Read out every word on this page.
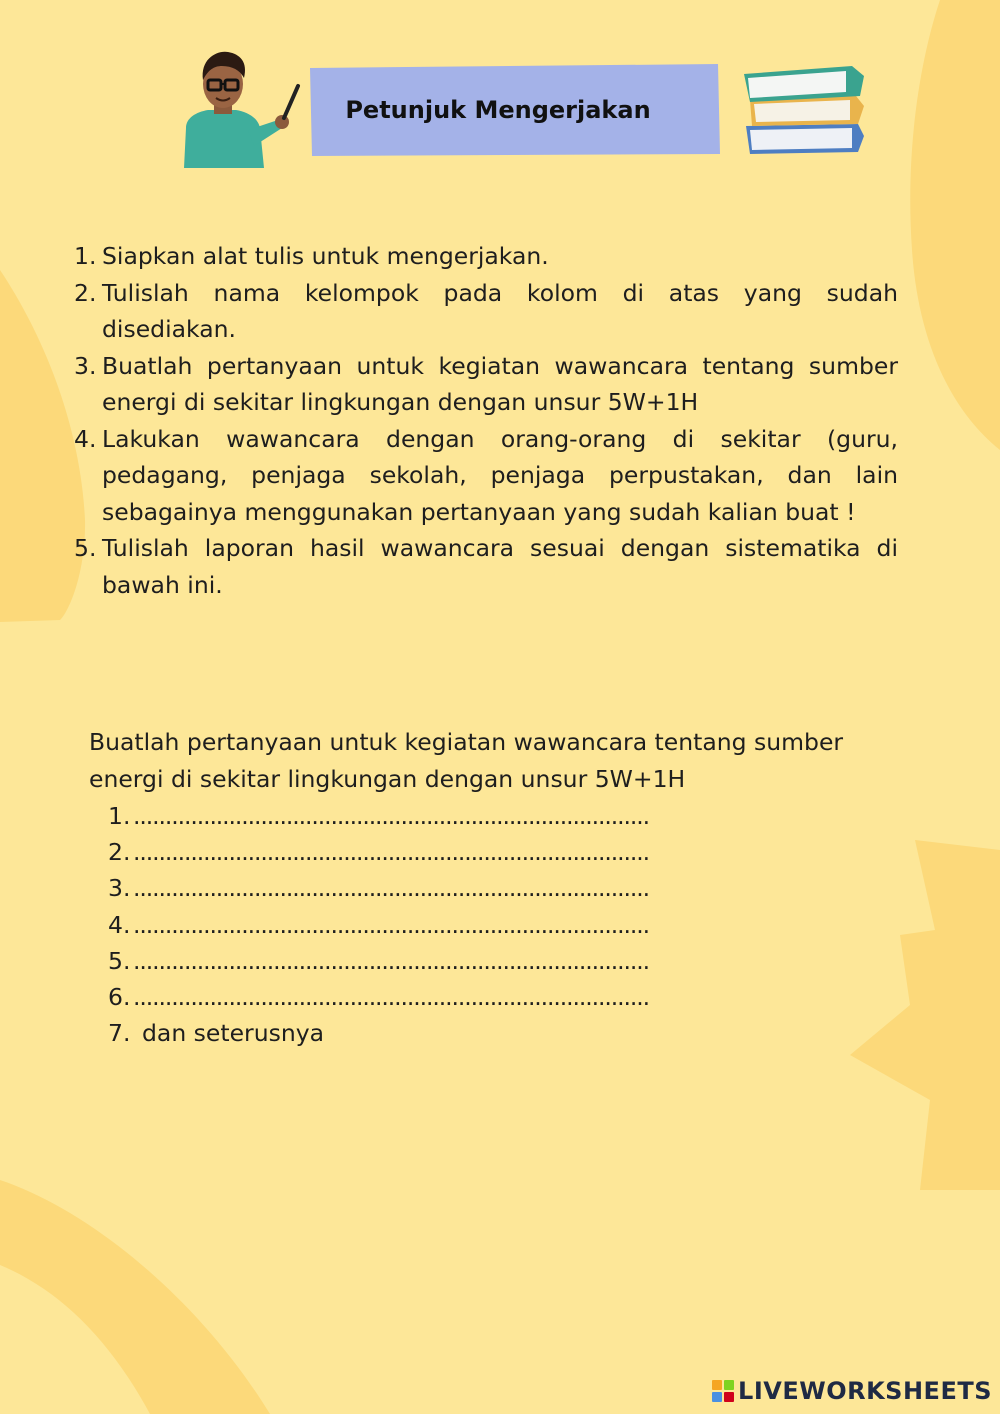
Petunjuk Mengerjakan
1. Siapkan alat tulis untuk mengerjakan.
2. Tulislah nama kelompok pada kolom di atas yang sudah disediakan.
3. Buatlah pertanyaan untuk kegiatan wawancara tentang sumber energi di sekitar lingkungan dengan unsur 5W+1H
4. Lakukan wawancara dengan orang-orang di sekitar (guru, pedagang, penjaga sekolah, penjaga perpustakan, dan lain sebagainya menggunakan pertanyaan yang sudah kalian buat !
5. Tulislah laporan hasil wawancara sesuai dengan sistematika di bawah ini.
Buatlah pertanyaan untuk kegiatan wawancara tentang sumber energi di sekitar lingkungan dengan unsur 5W+1H
1. .................................................................................
2. .................................................................................
3. .................................................................................
4. .................................................................................
5. .................................................................................
6. .................................................................................
7. dan seterusnya
LIVEWORKSHEETS
